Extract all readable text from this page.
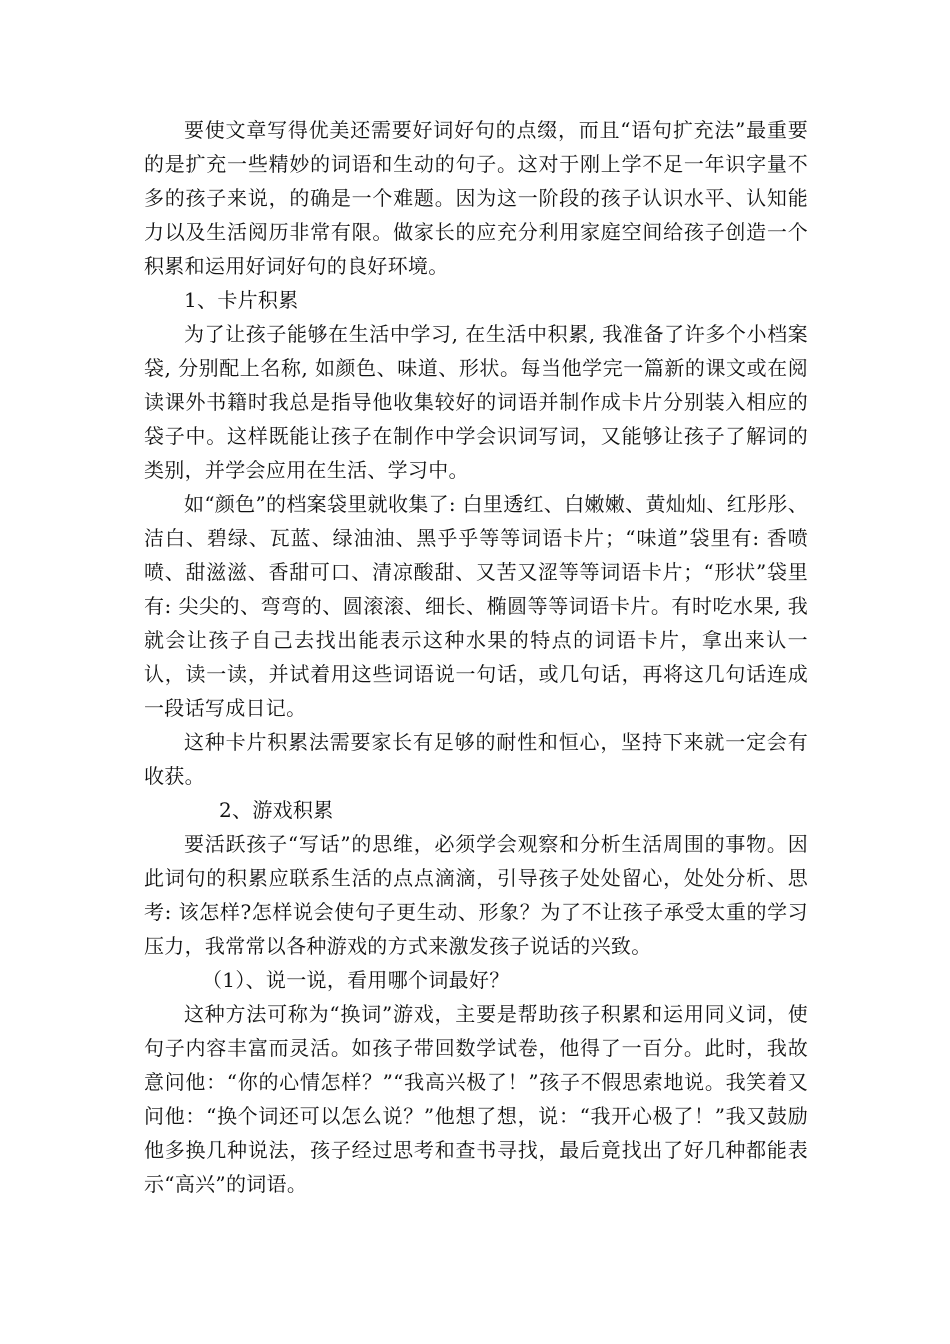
要使文章写得优美还需要好词好句的点缀，而且“语句扩充法”最重要的是扩充一些精妙的词语和生动的句子。这对于刚上学不足一年识字量不多的孩子来说，的确是一个难题。因为这一阶段的孩子认识水平、认知能力以及生活阅历非常有限。做家长的应充分利用家庭空间给孩子创造一个积累和运用好词好句的良好环境。

1、卡片积累

为了让孩子能够在生活中学习, 在生活中积累, 我准备了许多个小档案袋, 分别配上名称, 如颜色、味道、形状。每当他学完一篇新的课文或在阅读课外书籍时我总是指导他收集较好的词语并制作成卡片分别装入相应的袋子中。这样既能让孩子在制作中学会识词写词，又能够让孩子了解词的类别，并学会应用在生活、学习中。

如“颜色”的档案袋里就收集了: 白里透红、白嫩嫩、黄灿灿、红彤彤、洁白、碧绿、瓦蓝、绿油油、黑乎乎等等词语卡片；“味道”袋里有: 香喷喷、甜滋滋、香甜可口、清凉酸甜、又苦又涩等等词语卡片；“形状”袋里有: 尖尖的、弯弯的、圆滚滚、细长、椭圆等等词语卡片。有时吃水果, 我就会让孩子自己去找出能表示这种水果的特点的词语卡片，拿出来认一认，读一读，并试着用这些词语说一句话，或几句话，再将这几句话连成一段话写成日记。

这种卡片积累法需要家长有足够的耐性和恒心，坚持下来就一定会有收获。

2、游戏积累

要活跃孩子“写话”的思维，必须学会观察和分析生活周围的事物。因此词句的积累应联系生活的点点滴滴，引导孩子处处留心，处处分析、思考: 该怎样?怎样说会使句子更生动、形象？为了不让孩子承受太重的学习压力，我常常以各种游戏的方式来激发孩子说话的兴致。

（1）、说一说，看用哪个词最好？

这种方法可称为“换词”游戏，主要是帮助孩子积累和运用同义词，使句子内容丰富而灵活。如孩子带回数学试卷，他得了一百分。此时，我故意问他：“你的心情怎样？”“我高兴极了！”孩子不假思索地说。我笑着又问他：“换个词还可以怎么说？”他想了想，说：“我开心极了！”我又鼓励他多换几种说法，孩子经过思考和查书寻找，最后竟找出了好几种都能表示“高兴”的词语。
